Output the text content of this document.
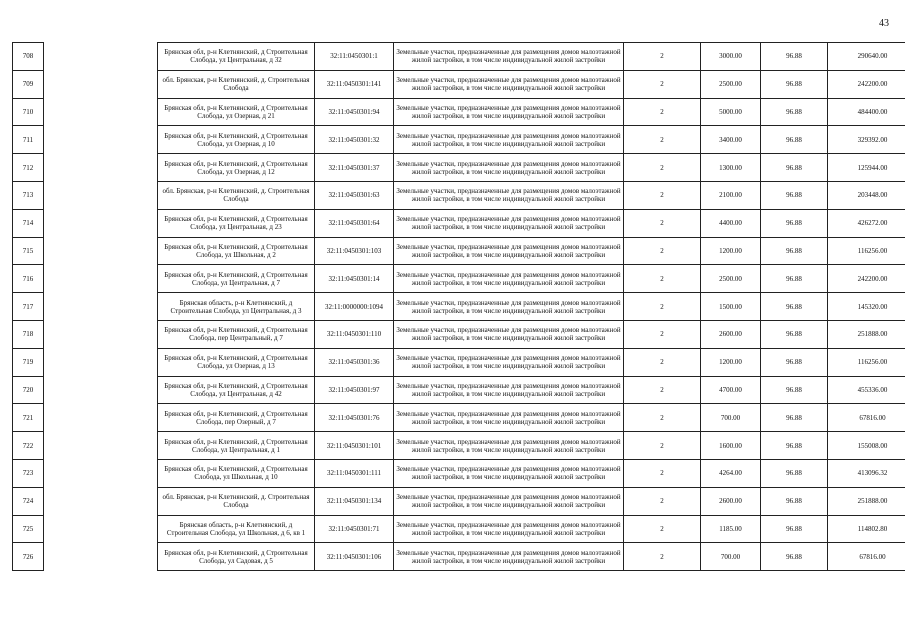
43
708		Брянская обл, р-н Клетнянский, д Строительная Слобода, ул Центральная, д 32	32:11:0450301:1	Земельные участки, предназначенные для размещения домов малоэтажной жилой застройки, в том числе индивидуальной жилой застройки	2	3000.00	96.88	290640.00
709		обл. Брянская, р-н Клетнянский, д. Строительная Слобода	32:11:0450301:141	Земельные участки, предназначенные для размещения домов малоэтажной жилой застройки, в том числе индивидуальной жилой застройки	2	2500.00	96.88	242200.00
710		Брянская обл, р-н Клетнянский, д Строительная Слобода, ул Озерная, д 21	32:11:0450301:94	Земельные участки, предназначенные для размещения домов малоэтажной жилой застройки, в том числе индивидуальной жилой застройки	2	5000.00	96.88	484400.00
711		Брянская обл, р-н Клетнянский, д Строительная Слобода, ул Озерная, д 10	32:11:0450301:32	Земельные участки, предназначенные для размещения домов малоэтажной жилой застройки, в том числе индивидуальной жилой застройки	2	3400.00	96.88	329392.00
712		Брянская обл, р-н Клетнянский, д Строительная Слобода, ул Озерная, д 12	32:11:0450301:37	Земельные участки, предназначенные для размещения домов малоэтажной жилой застройки, в том числе индивидуальной жилой застройки	2	1300.00	96.88	125944.00
713		обл. Брянская, р-н Клетнянский, д. Строительная Слобода	32:11:0450301:63	Земельные участки, предназначенные для размещения домов малоэтажной жилой застройки, в том числе индивидуальной жилой застройки	2	2100.00	96.88	203448.00
714		Брянская обл, р-н Клетнянский, д Строительная Слобода, ул Центральная, д 23	32:11:0450301:64	Земельные участки, предназначенные для размещения домов малоэтажной жилой застройки, в том числе индивидуальной жилой застройки	2	4400.00	96.88	426272.00
715		Брянская обл, р-н Клетнянский, д Строительная Слобода, ул Школьная, д 2	32:11:0450301:103	Земельные участки, предназначенные для размещения домов малоэтажной жилой застройки, в том числе индивидуальной жилой застройки	2	1200.00	96.88	116256.00
716		Брянская обл, р-н Клетнянский, д Строительная Слобода, ул Центральная, д 7	32:11:0450301:14	Земельные участки, предназначенные для размещения домов малоэтажной жилой застройки, в том числе индивидуальной жилой застройки	2	2500.00	96.88	242200.00
717		Брянская область, р-н Клетнянский, д Строительная Слобода, ул Центральная, д 3	32:11:0000000:1094	Земельные участки, предназначенные для размещения домов малоэтажной жилой застройки, в том числе индивидуальной жилой застройки	2	1500.00	96.88	145320.00
718		Брянская обл, р-н Клетнянский, д Строительная Слобода, пер Центральный, д 7	32:11:0450301:110	Земельные участки, предназначенные для размещения домов малоэтажной жилой застройки, в том числе индивидуальной жилой застройки	2	2600.00	96.88	251888.00
719		Брянская обл, р-н Клетнянский, д Строительная Слобода, ул Озерная, д 13	32:11:0450301:36	Земельные участки, предназначенные для размещения домов малоэтажной жилой застройки, в том числе индивидуальной жилой застройки	2	1200.00	96.88	116256.00
720		Брянская обл, р-н Клетнянский, д Строительная Слобода, ул Центральная, д 42	32:11:0450301:97	Земельные участки, предназначенные для размещения домов малоэтажной жилой застройки, в том числе индивидуальной жилой застройки	2	4700.00	96.88	455336.00
721		Брянская обл, р-н Клетнянский, д Строительная Слобода, пер Озерный, д 7	32:11:0450301:76	Земельные участки, предназначенные для размещения домов малоэтажной жилой застройки, в том числе индивидуальной жилой застройки	2	700.00	96.88	67816.00
722		Брянская обл, р-н Клетнянский, д Строительная Слобода, ул Центральная, д 1	32:11:0450301:101	Земельные участки, предназначенные для размещения домов малоэтажной жилой застройки, в том числе индивидуальной жилой застройки	2	1600.00	96.88	155008.00
723		Брянская обл, р-н Клетнянский, д Строительная Слобода, ул Школьная, д 10	32:11:0450301:111	Земельные участки, предназначенные для размещения домов малоэтажной жилой застройки, в том числе индивидуальной жилой застройки	2	4264.00	96.88	413096.32
724		обл. Брянская, р-н Клетнянский, д. Строительная Слобода	32:11:0450301:134	Земельные участки, предназначенные для размещения домов малоэтажной жилой застройки, в том числе индивидуальной жилой застройки	2	2600.00	96.88	251888.00
725		Брянская область, р-н Клетнянский, д Строительная Слобода, ул Школьная, д 6, кв 1	32:11:0450301:71	Земельные участки, предназначенные для размещения домов малоэтажной жилой застройки, в том числе индивидуальной жилой застройки	2	1185.00	96.88	114802.80
726		Брянская обл, р-н Клетнянский, д Строительная Слобода, ул Садовая, д 5	32:11:0450301:106	Земельные участки, предназначенные для размещения домов малоэтажной жилой застройки, в том числе индивидуальной жилой застройки	2	700.00	96.88	67816.00
